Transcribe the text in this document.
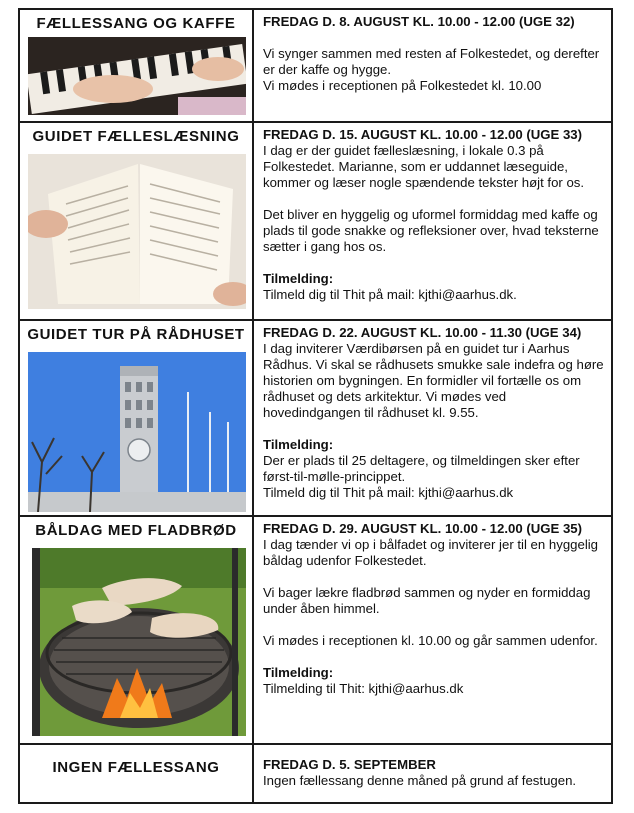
FÆLLESSANG OG KAFFE	FREDAG D. 8. AUGUST KL. 10.00 - 12.00 (UGE 32)

Vi synger sammen med resten af Folkestedet, og derefter er der kaffe og hygge.

Vi mødes i receptionen på Folkestedet kl. 10.00

GUIDET FÆLLESLÆSNING	FREDAG D. 15. AUGUST KL. 10.00 - 12.00 (UGE 33)

I dag er der guidet fælleslæsning, i lokale 0.3 på Folkestedet. Marianne, som er uddannet læseguide, kommer og læser nogle spændende tekster højt for os.

Det bliver en hyggelig og uformel formiddag med kaffe og plads til gode snakke og refleksioner over, hvad teksterne sætter i gang hos os.

Tilmelding:

Tilmeld dig til Thit på mail: kjthi@aarhus.dk.

GUIDET TUR PÅ RÅDHUSET	FREDAG D. 22. AUGUST KL. 10.00 - 11.30 (UGE 34)

I dag inviterer Værdibørsen på en guidet tur i Aarhus Rådhus. Vi skal se rådhusets smukke sale indefra og høre historien om bygningen. En formidler vil fortælle os om rådhuset og dets arkitektur. Vi mødes ved hovedindgangen til rådhuset kl. 9.55.

Tilmelding:

Der er plads til 25 deltagere, og tilmeldingen sker efter først-til-mølle-princippet.

Tilmeld dig til Thit på mail: kjthi@aarhus.dk

BÅLDAG MED FLADBRØD	FREDAG D. 29. AUGUST KL. 10.00 - 12.00 (UGE 35)

I dag tænder vi op i bålfadet og inviterer jer til en hyggelig båldag udenfor Folkestedet.

Vi bager lækre fladbrød sammen og nyder en formiddag under åben himmel.

Vi mødes i receptionen kl. 10.00 og går sammen udenfor.

Tilmelding:

Tilmelding til Thit: kjthi@aarhus.dk

INGEN FÆLLESSANG	FREDAG D. 5. SEPTEMBER

Ingen fællessang denne måned på grund af festugen.
